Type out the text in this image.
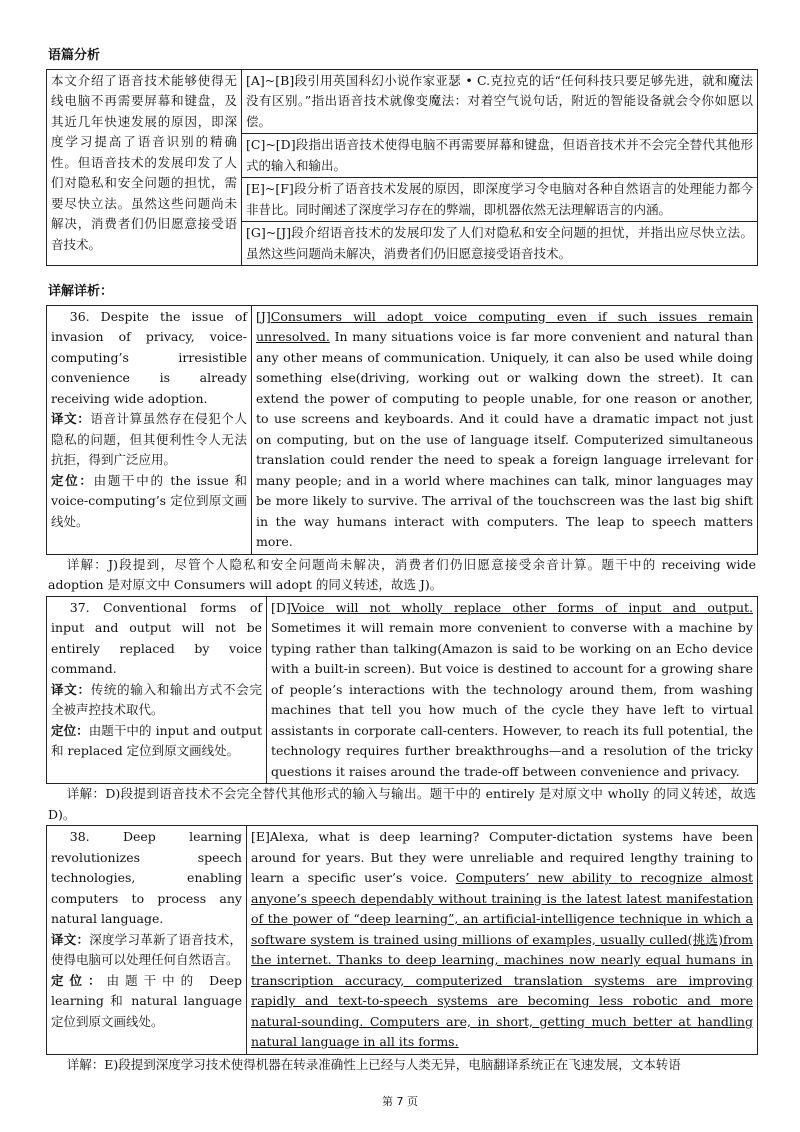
语篇分析
本文介绍了语音技术能够使得无线电脑不再需要屏幕和键盘，及其近几年快速发展的原因，即深度学习提高了语音识别的精确性。但语音技术的发展印发了人们对隐私和安全问题的担忧，需要尽快立法。虽然这些问题尚未解决，消费者们仍旧愿意接受语音技术。	
[A]~[B]段引用英国科幻小说作家亚瑟 • C.克拉克的话“任何科技只要足够先进，就和魔法没有区别。”指出语音技术就像变魔法：对着空气说句话，附近的智能设备就会令你如愿以偿。
[C]~[D]段指出语音技术使得电脑不再需要屏幕和键盘，但语音技术并不会完全替代其他形式的输入和输出。
[E]~[F]段分析了语音技术发展的原因，即深度学习令电脑对各种自然语言的处理能力都今非昔比。同时阐述了深度学习存在的弊端，即机器依然无法理解语言的内涵。
[G]~[J]段介绍语音技术的发展印发了人们对隐私和安全问题的担忧，并指出应尽快立法。虽然这些问题尚未解决，消费者们仍旧愿意接受语音技术。
详解详析：
36. Despite the issue of invasion of privacy, voice-computing’s irresistible convenience is already receiving wide adoption.
译文：语音计算虽然存在侵犯个人隐私的问题，但其便利性令人无法抗拒，得到广泛应用。
定位：由题干中的 the issue 和 voice-computing’s 定位到原文画线处。
	[J]Consumers will adopt voice computing even if such issues remain unresolved. In many situations voice is far more convenient and natural than any other means of communication. Uniquely, it can also be used while doing something else(driving, working out or walking down the street). It can extend the power of computing to people unable, for one reason or another, to use screens and keyboards. And it could have a dramatic impact not just on computing, but on the use of language itself. Computerized simultaneous translation could render the need to speak a foreign language irrelevant for many people; and in a world where machines can talk, minor languages may be more likely to survive. The arrival of the touchscreen was the last big shift in the way humans interact with computers. The leap to speech matters more.

详解：J)段提到，尽管个人隐私和安全问题尚未解决，消费者们仍旧愿意接受余音计算。题干中的 receiving wide adoption 是对原文中 Consumers will adopt 的同义转述，故选 J)。

37. Conventional forms of input and output will not be entirely replaced by voice command.
译文：传统的输入和输出方式不会完全被声控技术取代。
定位：由题干中的 input and output 和 replaced 定位到原文画线处。
	[D]Voice will not wholly replace other forms of input and output. Sometimes it will remain more convenient to converse with a machine by typing rather than talking(Amazon is said to be working on an Echo device with a built-in screen). But voice is destined to account for a growing share of people’s interactions with the technology around them, from washing machines that tell you how much of the cycle they have left to virtual assistants in corporate call-centers. However, to reach its full potential, the technology requires further breakthroughs—and a resolution of the tricky questions it raises around the trade-off between convenience and privacy.

详解：D)段提到语音技术不会完全替代其他形式的输入与输出。题干中的 entirely 是对原文中 wholly 的同义转述，故选 D)。

38. Deep learning revolutionizes speech technologies, enabling computers to process any natural language.
译文：深度学习革新了语音技术，使得电脑可以处理任何自然语言。
定位：由题干中的 Deep learning 和 natural language 定位到原文画线处。
	[E]Alexa, what is deep learning? Computer-dictation systems have been around for years. But they were unreliable and required lengthy training to learn a specific user’s voice. Computers’ new ability to recognize almost anyone’s speech dependably without training is the latest latest manifestation of the power of “deep learning”, an artificial-intelligence technique in which a software system is trained using millions of examples, usually culled(挑选)from the internet. Thanks to deep learning, machines now nearly equal humans in transcription accuracy, computerized translation systems are improving rapidly and text-to-speech systems are becoming less robotic and more natural-sounding. Computers are, in short, getting much better at handling natural language in all its forms.

详解：E)段提到深度学习技术使得机器在转录准确性上已经与人类无异，电脑翻译系统正在飞速发展，文本转语

第 7 页
